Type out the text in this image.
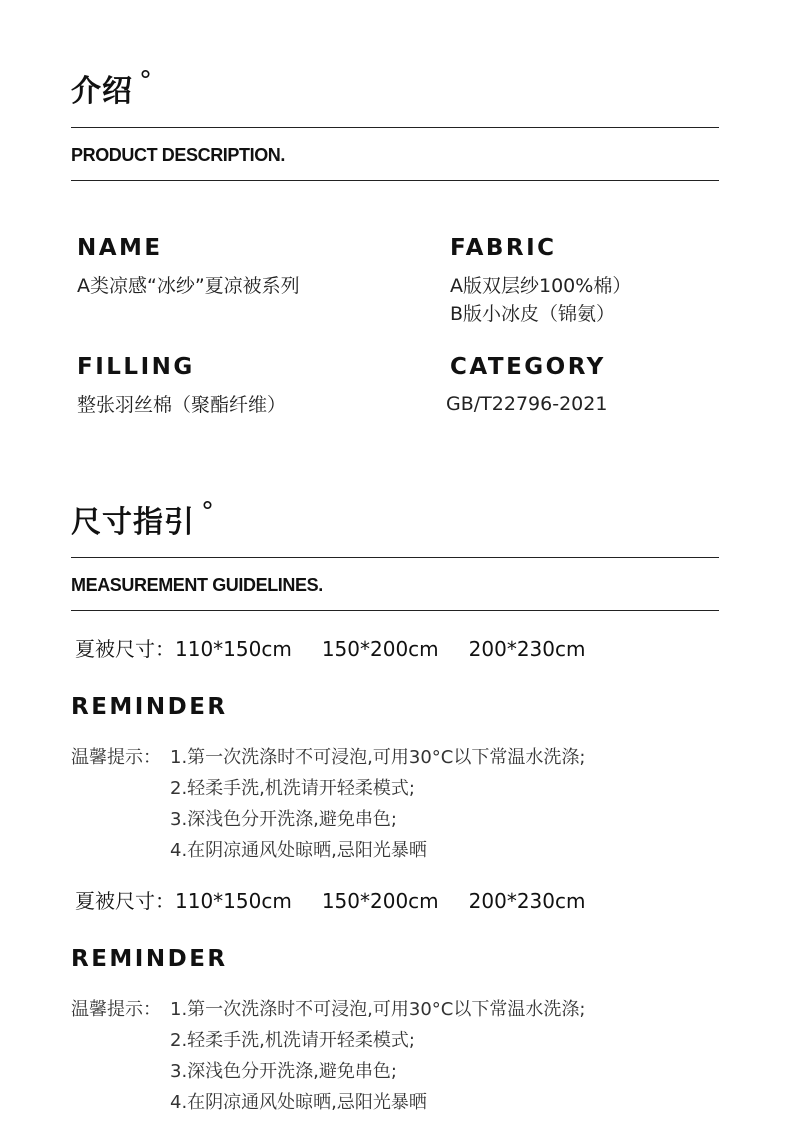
介绍 °
PRODUCT DESCRIPTION.
NAME
A类凉感“冰纱”夏凉被系列
FABRIC
A版双层纱100%棉）
B版小冰皮（锦氨）
FILLING
整张羽丝棉（聚酯纤维）
CATEGORY
GB/T22796-2021
尺寸指引 °
MEASUREMENT GUIDELINES.
夏被尺寸：110*150cm 150*200cm 200*230cm
REMINDER
温馨提示： 1.第一次洗涤时不可浸泡,可用30°C以下常温水洗涤;
2.轻柔手洗,机洗请开轻柔模式;
3.深浅色分开洗涤,避免串色;
4.在阴凉通风处晾晒,忌阳光暴晒
夏被尺寸：110*150cm 150*200cm 200*230cm
REMINDER
温馨提示： 1.第一次洗涤时不可浸泡,可用30°C以下常温水洗涤;
2.轻柔手洗,机洗请开轻柔模式;
3.深浅色分开洗涤,避免串色;
4.在阴凉通风处晾晒,忌阳光暴晒
